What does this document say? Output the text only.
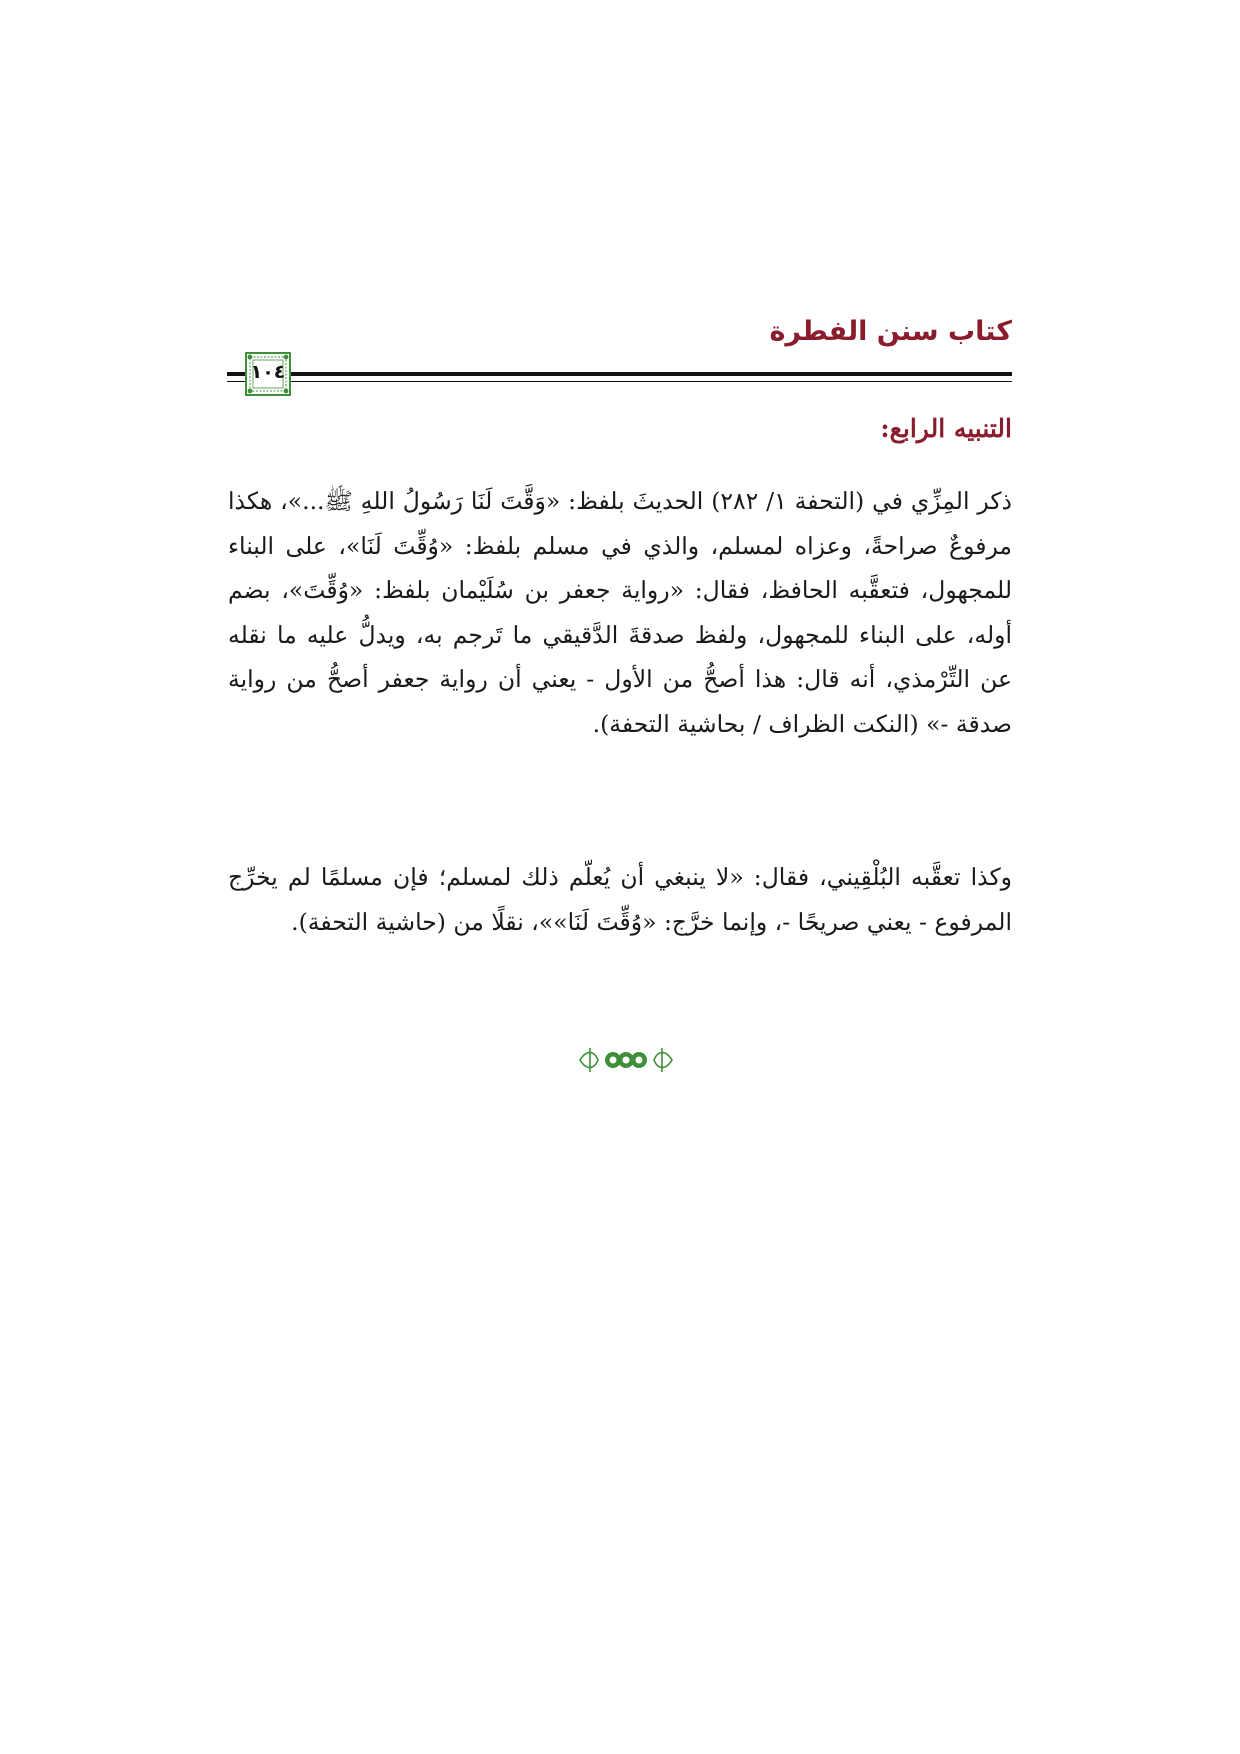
كتاب سنن الفطرة
١٠٤
التنبيه الرابع:

ذكر المِزِّي في (التحفة ١/ ٢٨٢) الحديثَ بلفظ: «وَقَّتَ لَنَا رَسُولُ اللهِ ﷺ...»، هكذا مرفوعٌ صراحةً، وعزاه لمسلم، والذي في مسلم بلفظ: «وُقِّتَ لَنَا»، على البناء للمجهول، فتعقَّبه الحافظ، فقال: «رواية جعفر بن سُلَيْمان بلفظ: «وُقِّتَ»، بضم أوله، على البناء للمجهول، ولفظ صدقةَ الدَّقيقي ما تَرجم به، ويدلُّ عليه ما نقله عن التِّرْمذي، أنه قال: هذا أصحُّ من الأول - يعني أن رواية جعفر أصحُّ من رواية صدقة -» (النكت الظراف / بحاشية التحفة).

وكذا تعقَّبه البُلْقِيني، فقال: «لا ينبغي أن يُعلّم ذلك لمسلم؛ فإن مسلمًا لم يخرِّج المرفوع - يعني صريحًا -، وإنما خرَّج: «وُقِّتَ لَنَا»»، نقلًا من (حاشية التحفة).
